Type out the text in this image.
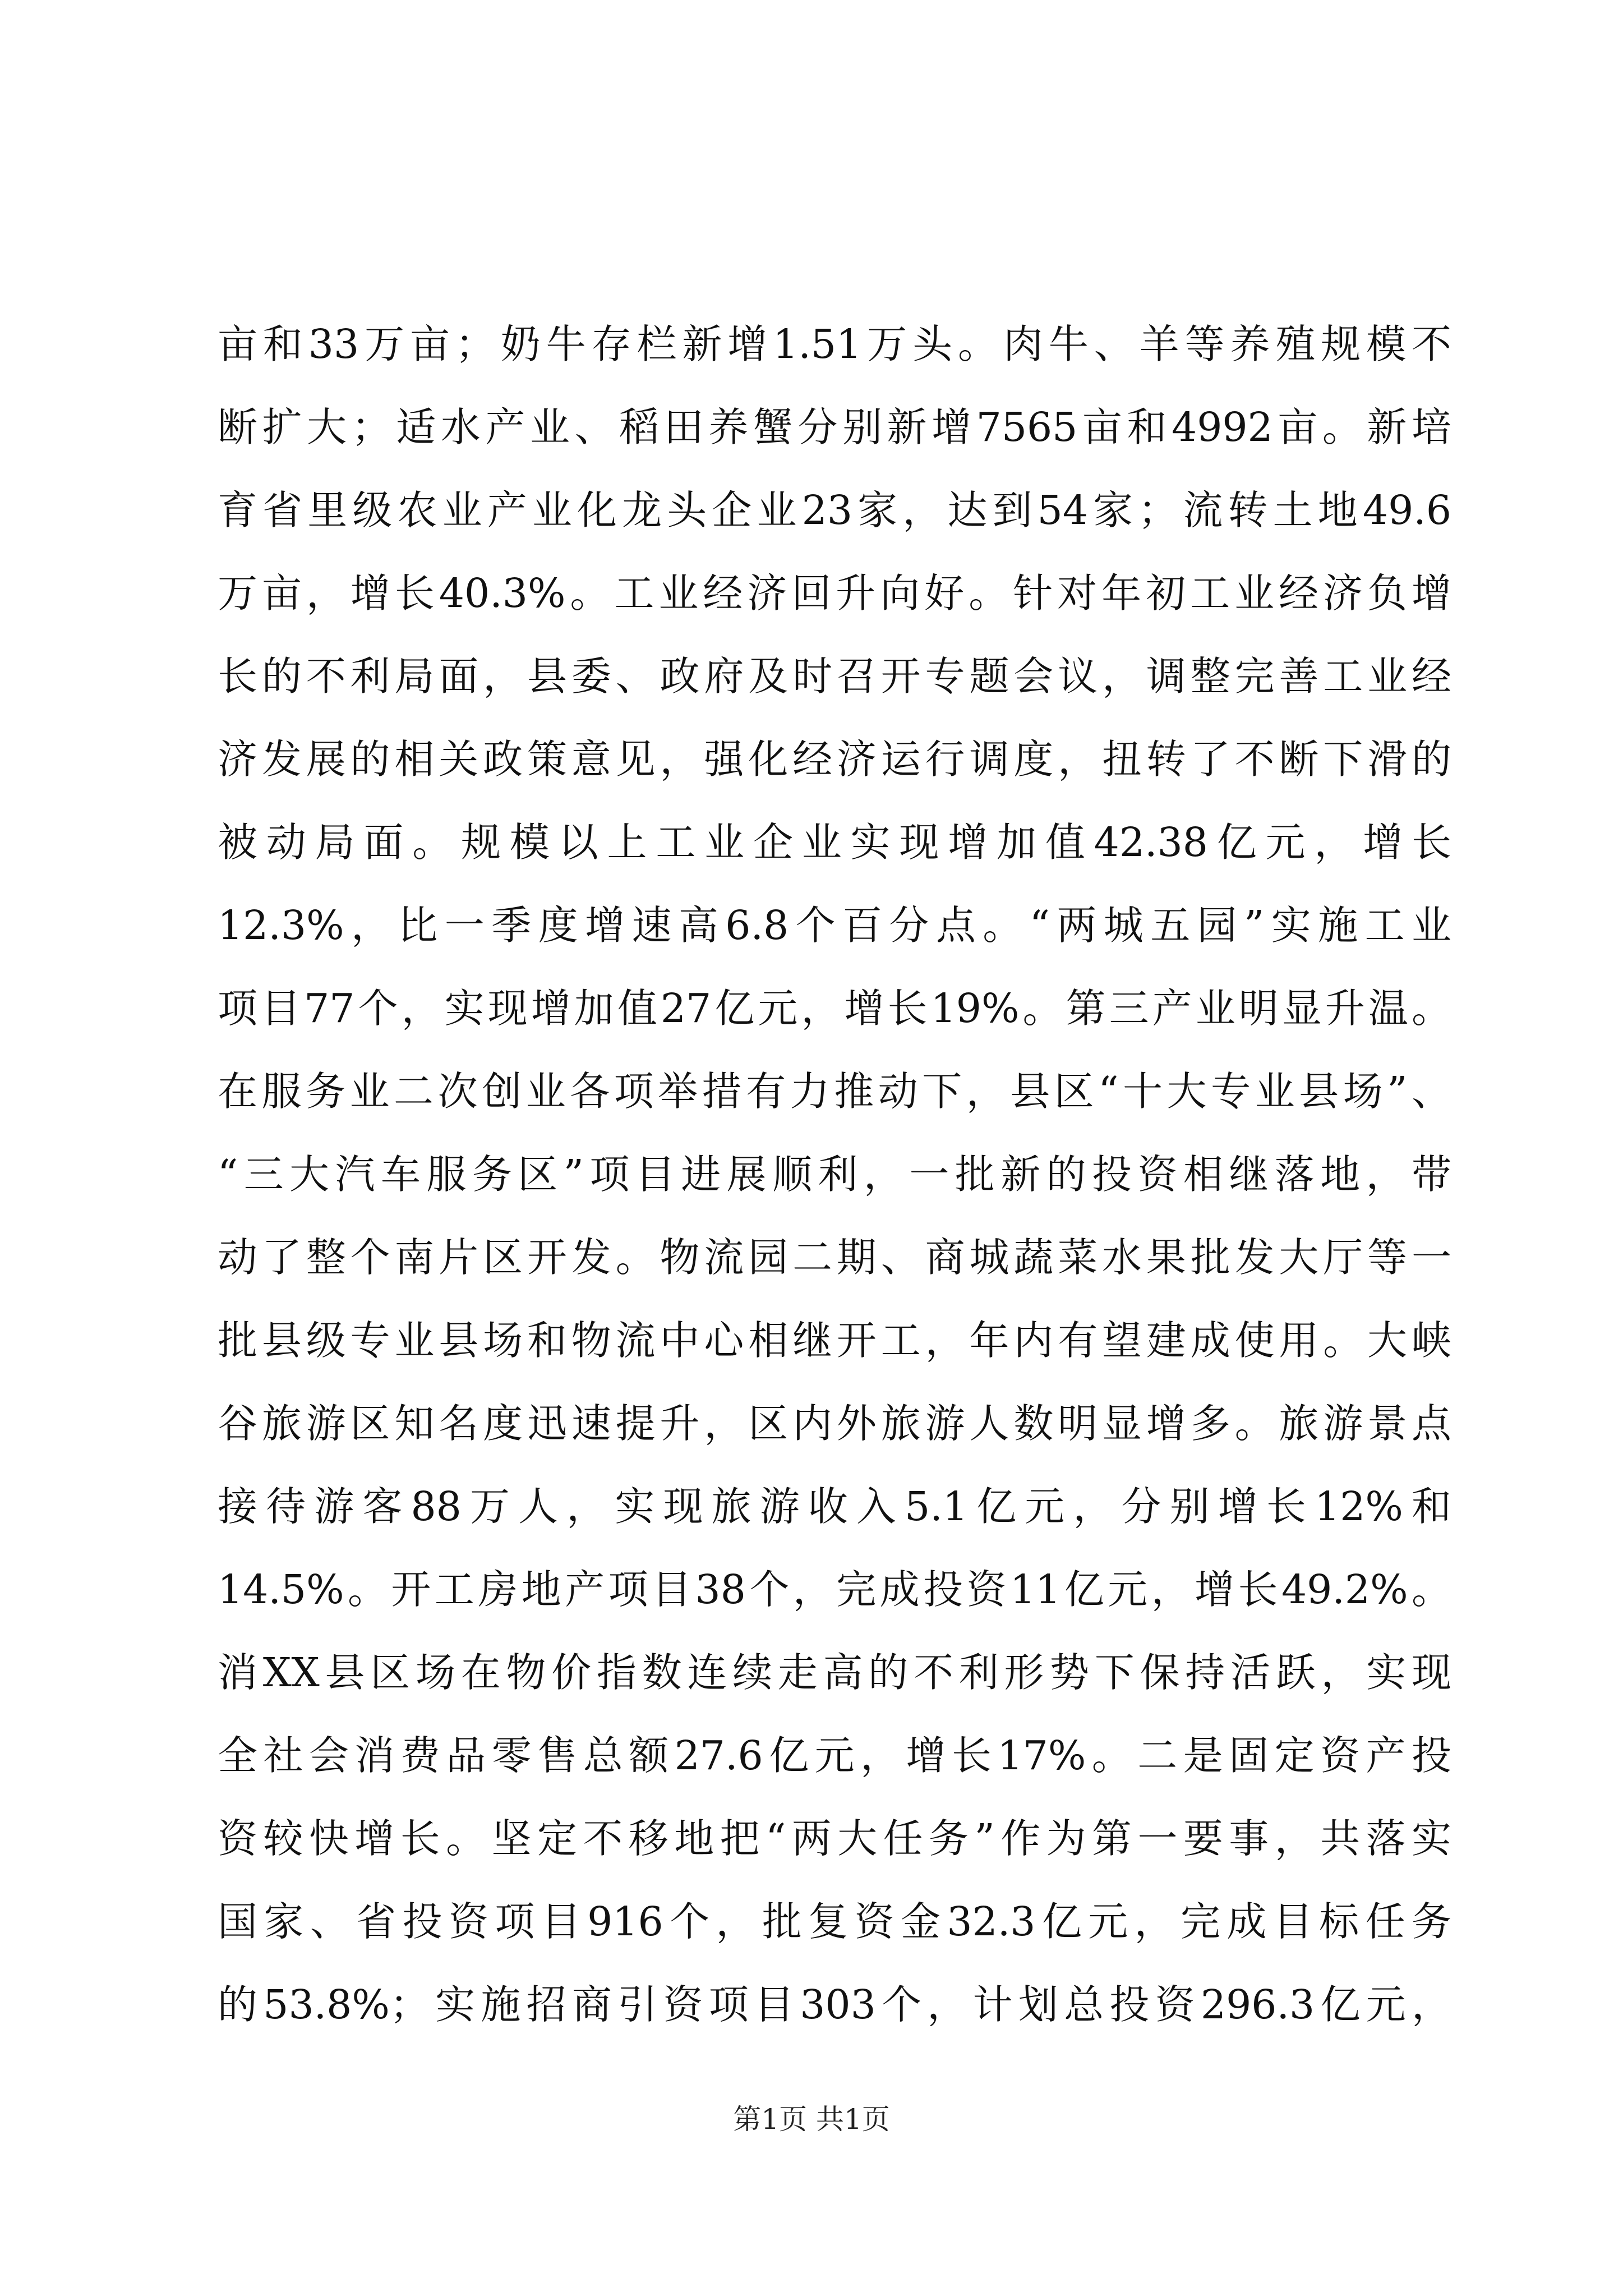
亩和33万亩；奶牛存栏新增1.51万头。肉牛、羊等养殖规模不
断扩大；适水产业、稻田养蟹分别新增7565亩和4992亩。新培
育省里级农业产业化龙头企业23家，达到54家；流转土地49.6
万亩，增长40.3%。工业经济回升向好。针对年初工业经济负增
长的不利局面，县委、政府及时召开专题会议，调整完善工业经
济发展的相关政策意见，强化经济运行调度，扭转了不断下滑的
被动局面。规模以上工业企业实现增加值42.38亿元，增长
12.3%，比一季度增速高6.8个百分点。“两城五园”实施工业
项目77个，实现增加值27亿元，增长19%。第三产业明显升温。
在服务业二次创业各项举措有力推动下，县区“十大专业县场”、
“三大汽车服务区”项目进展顺利，一批新的投资相继落地，带
动了整个南片区开发。物流园二期、商城蔬菜水果批发大厅等一
批县级专业县场和物流中心相继开工，年内有望建成使用。大峡
谷旅游区知名度迅速提升，区内外旅游人数明显增多。旅游景点
接待游客88万人，实现旅游收入5.1亿元，分别增长12%和
14.5%。开工房地产项目38个，完成投资11亿元，增长49.2%。
消XX县区场在物价指数连续走高的不利形势下保持活跃，实现
全社会消费品零售总额27.6亿元，增长17%。二是固定资产投
资较快增长。坚定不移地把“两大任务”作为第一要事，共落实
国家、省投资项目916个，批复资金32.3亿元，完成目标任务
的53.8%；实施招商引资项目303个，计划总投资296.3亿元，
第1页 共1页
